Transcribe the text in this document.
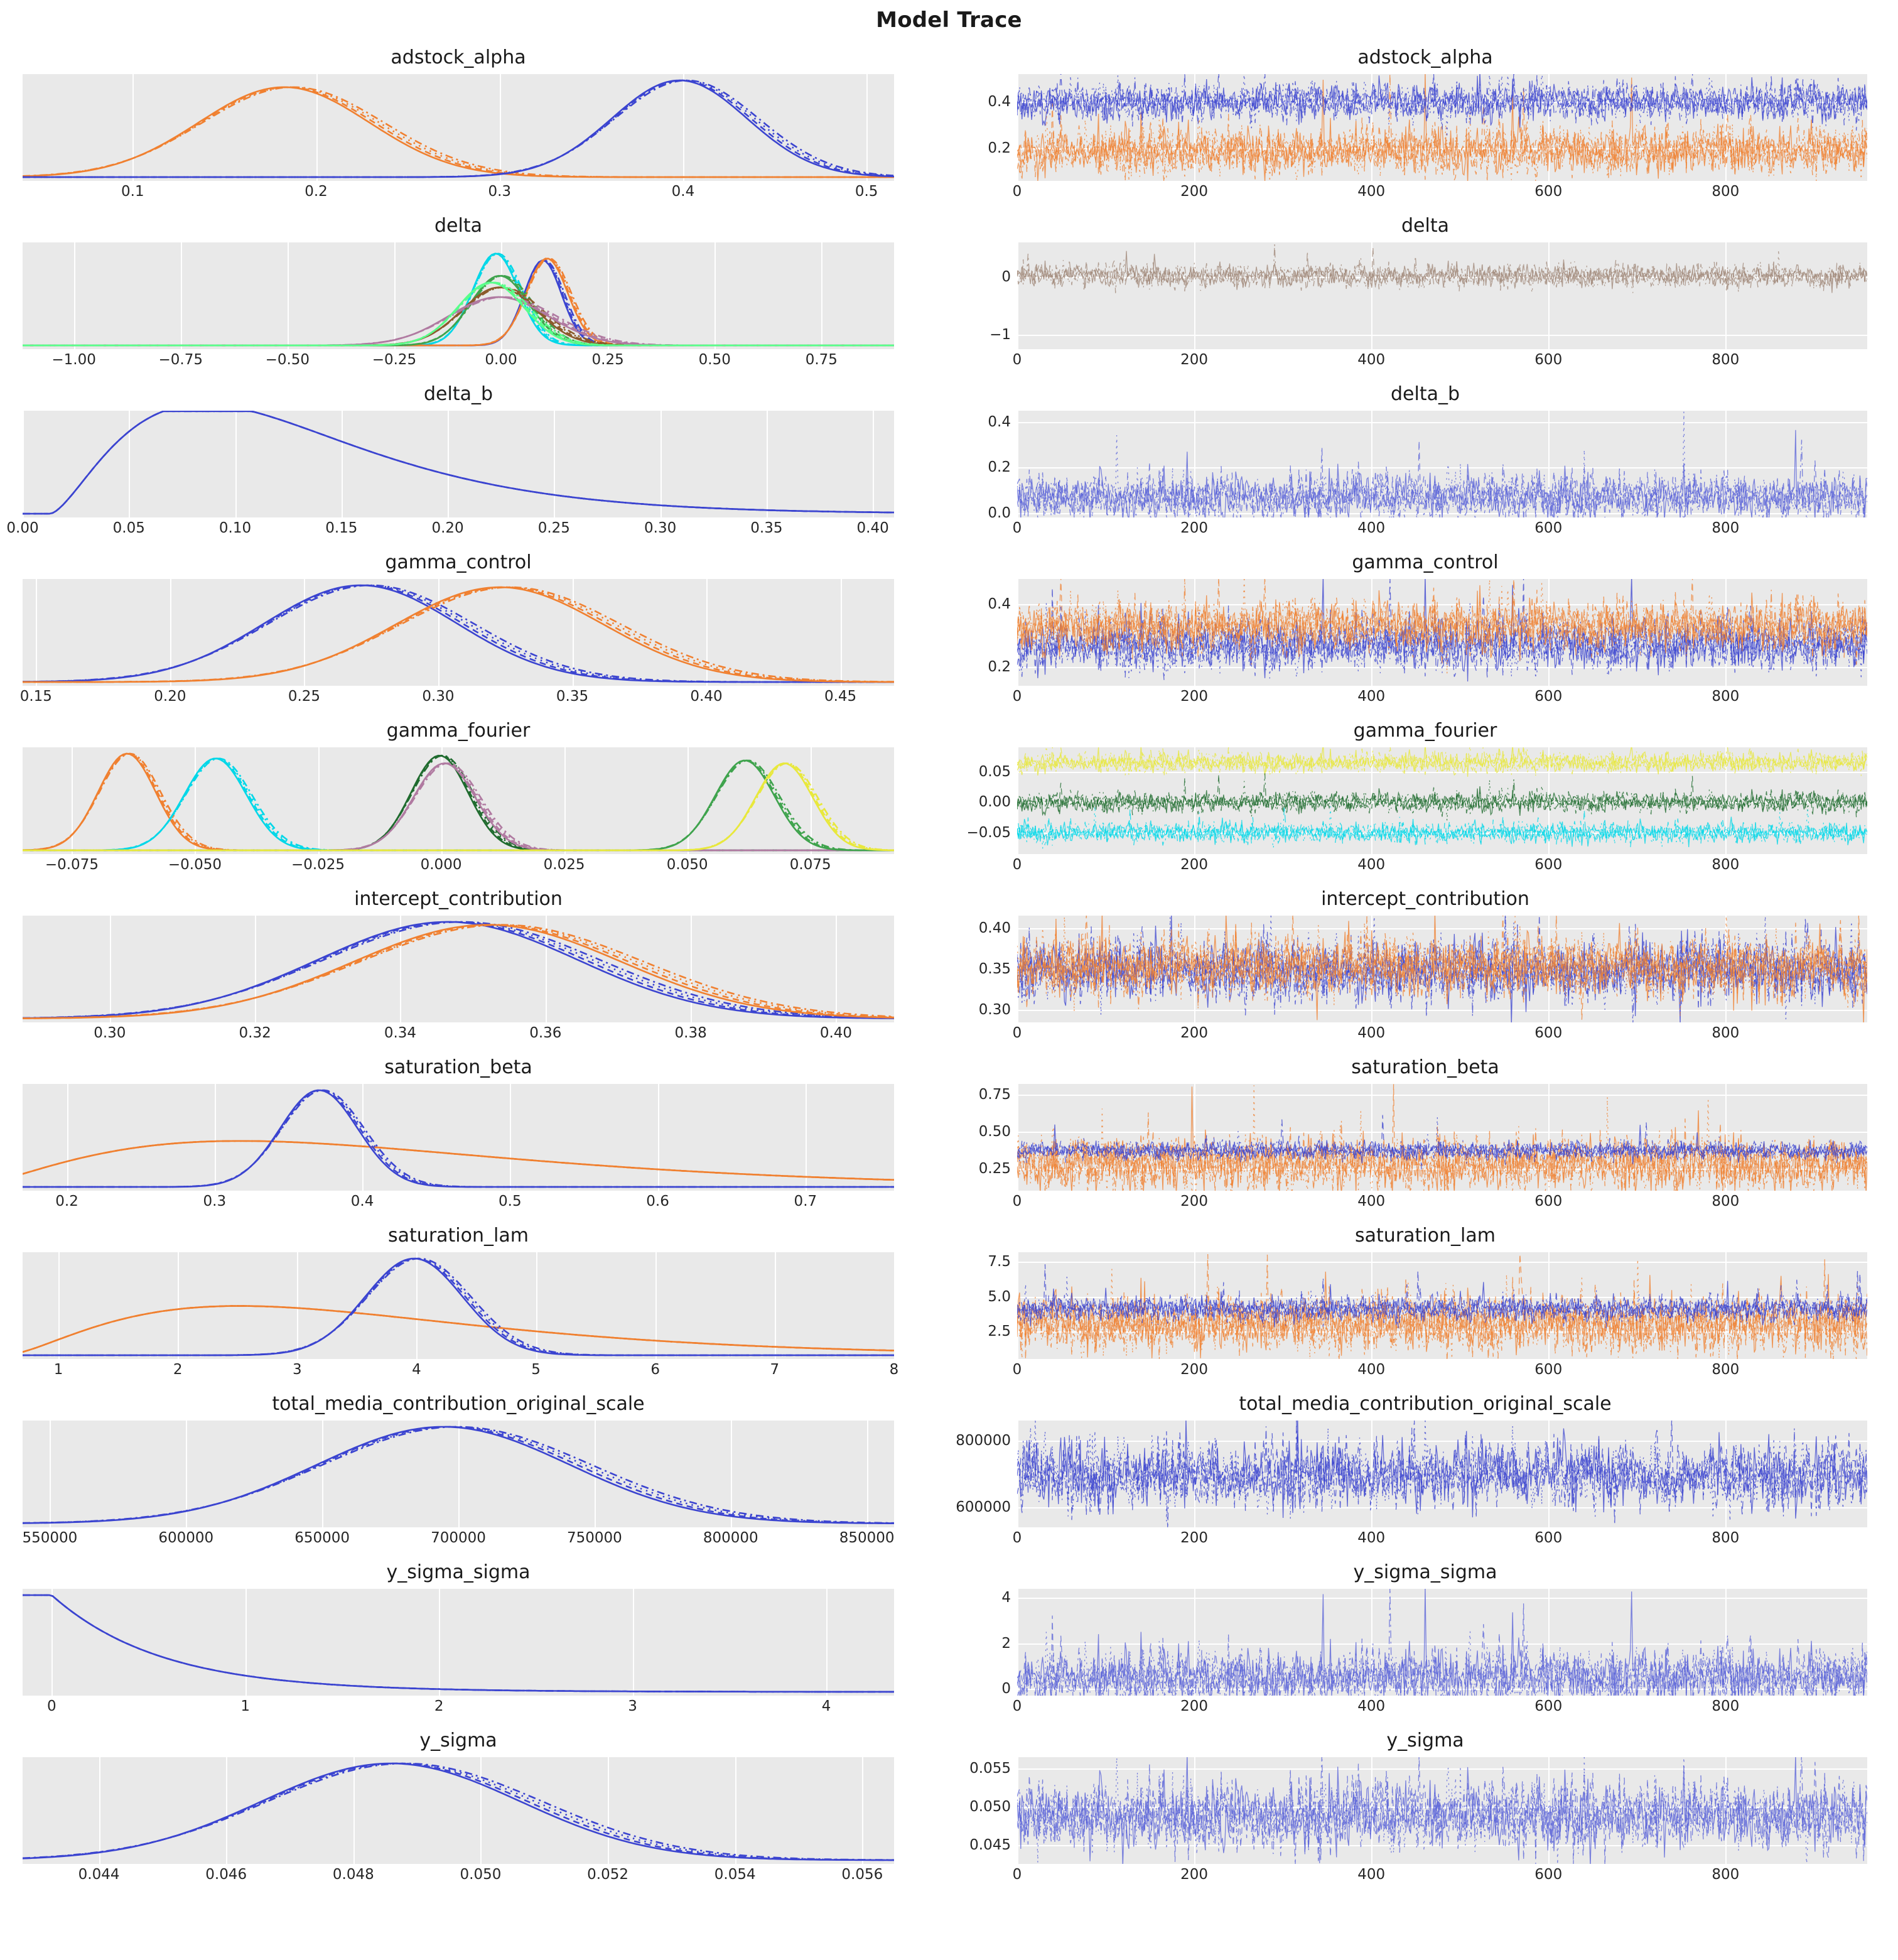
Model Trace
adstock_alpha
0.1	0.2	0.3	0.4	0.5
adstock_alpha
0	200	400	600	800
0.2
0.4
delta
−1.00	−0.75	−0.50	−0.25	0.00	0.25	0.50	0.75
delta
0	200	400	600	800
−1
0
delta_b
0.00	0.05	0.10	0.15	0.20	0.25	0.30	0.35	0.40
delta_b
0	200	400	600	800
0.0
0.2
0.4
gamma_control
0.15	0.20	0.25	0.30	0.35	0.40	0.45
gamma_control
0	200	400	600	800
0.2
0.4
gamma_fourier
−0.075	−0.050	−0.025	0.000	0.025	0.050	0.075
gamma_fourier
0	200	400	600	800
−0.05
0.00
0.05
intercept_contribution
0.30	0.32	0.34	0.36	0.38	0.40
intercept_contribution
0	200	400	600	800
0.30
0.35
0.40
saturation_beta
0.2	0.3	0.4	0.5	0.6	0.7
saturation_beta
0	200	400	600	800
0.25
0.50
0.75
saturation_lam
1	2	3	4	5	6	7	8
saturation_lam
0	200	400	600	800
2.5
5.0
7.5
total_media_contribution_original_scale
550000	600000	650000	700000	750000	800000	850000
total_media_contribution_original_scale
0	200	400	600	800
600000
800000
y_sigma_sigma
0	1	2	3	4
y_sigma_sigma
0	200	400	600	800
0
2
4
y_sigma
0.044	0.046	0.048	0.050	0.052	0.054	0.056
y_sigma
0	200	400	600	800
0.045
0.050
0.055
